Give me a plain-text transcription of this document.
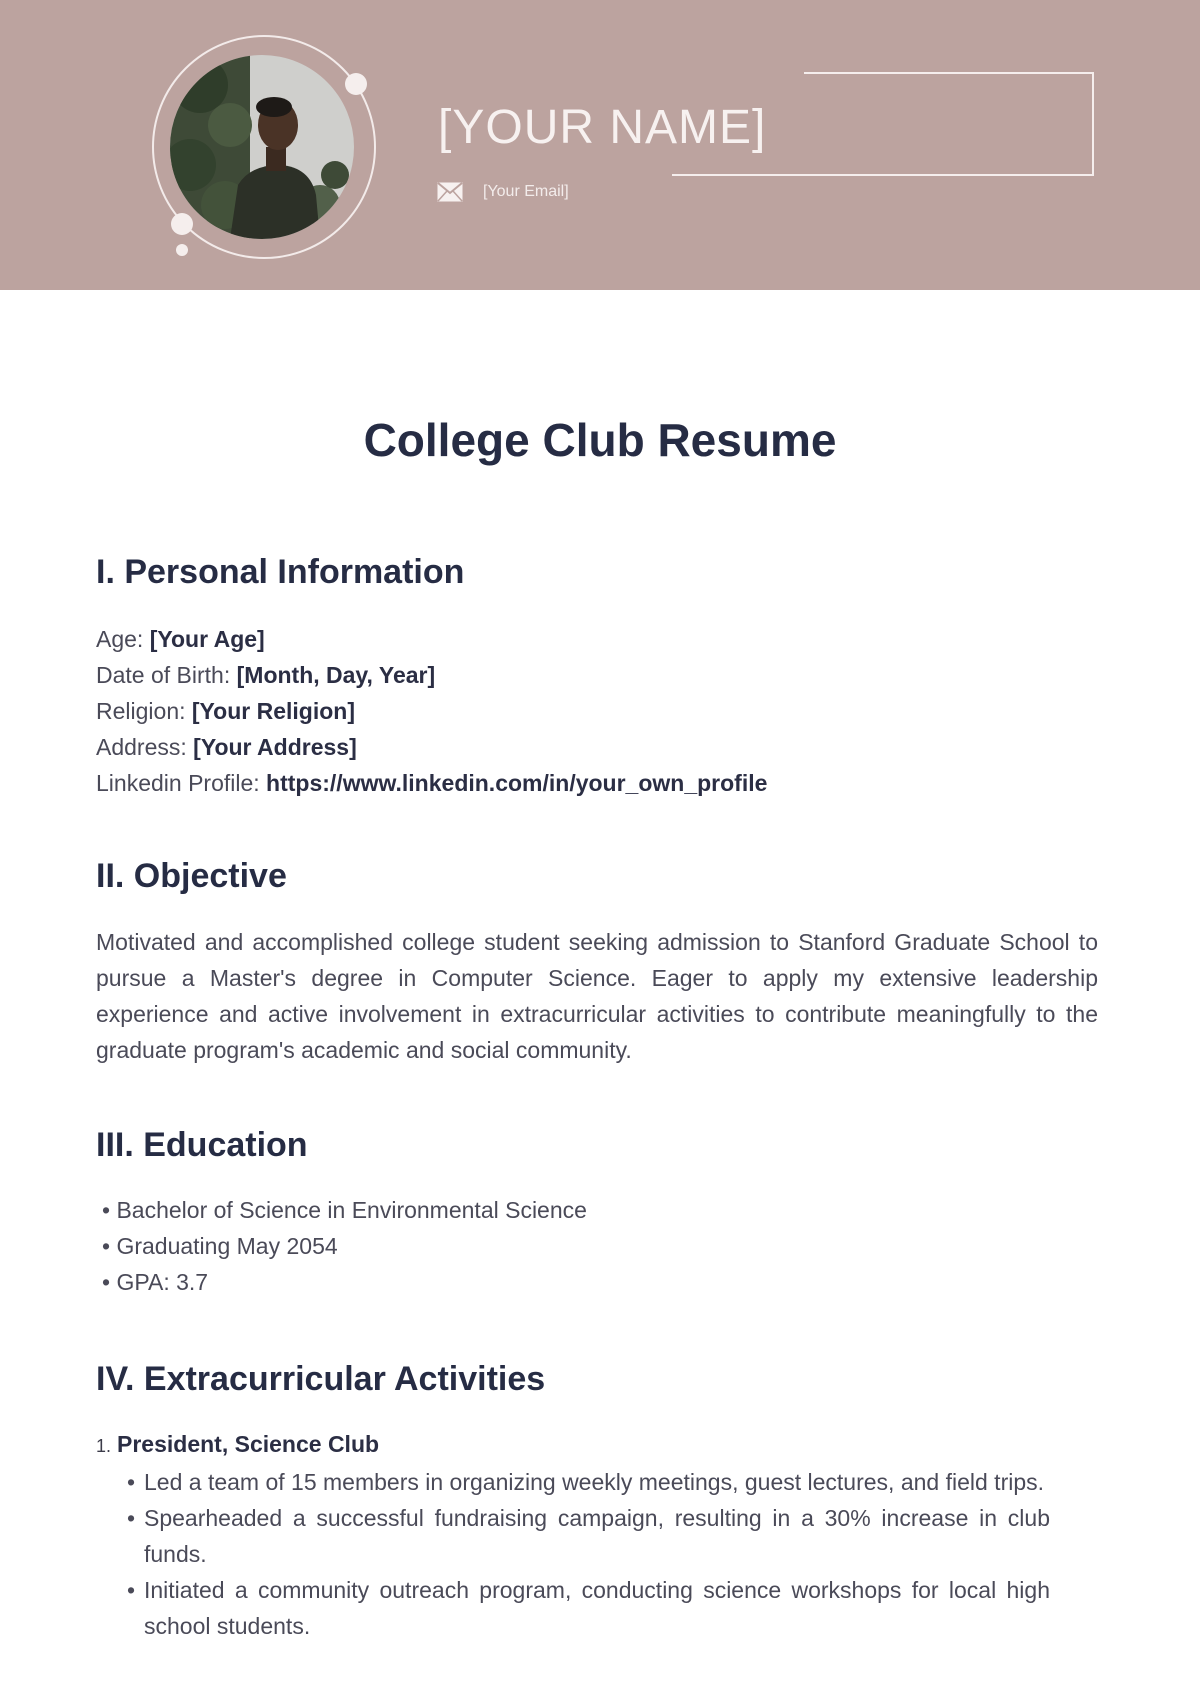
[YOUR NAME]
[Your Email]
College Club Resume
I. Personal Information
Age: [Your Age]
Date of Birth: [Month, Day, Year]
Religion: [Your Religion]
Address: [Your Address]
Linkedin Profile: https://www.linkedin.com/in/your_own_profile
II. Objective

Motivated and accomplished college student seeking admission to Stanford Graduate School to pursue a Master's degree in Computer Science. Eager to apply my extensive leadership experience and active involvement in extracurricular activities to contribute meaningfully to the graduate program's academic and social community.

III. Education
• Bachelor of Science in Environmental Science
• Graduating May 2054
• GPA: 3.7
IV. Extracurricular Activities
1. President, Science Club
• Led a team of 15 members in organizing weekly meetings, guest lectures, and field trips.
• Spearheaded a successful fundraising campaign, resulting in a 30% increase in club funds.
• Initiated a community outreach program, conducting science workshops for local high school students.
